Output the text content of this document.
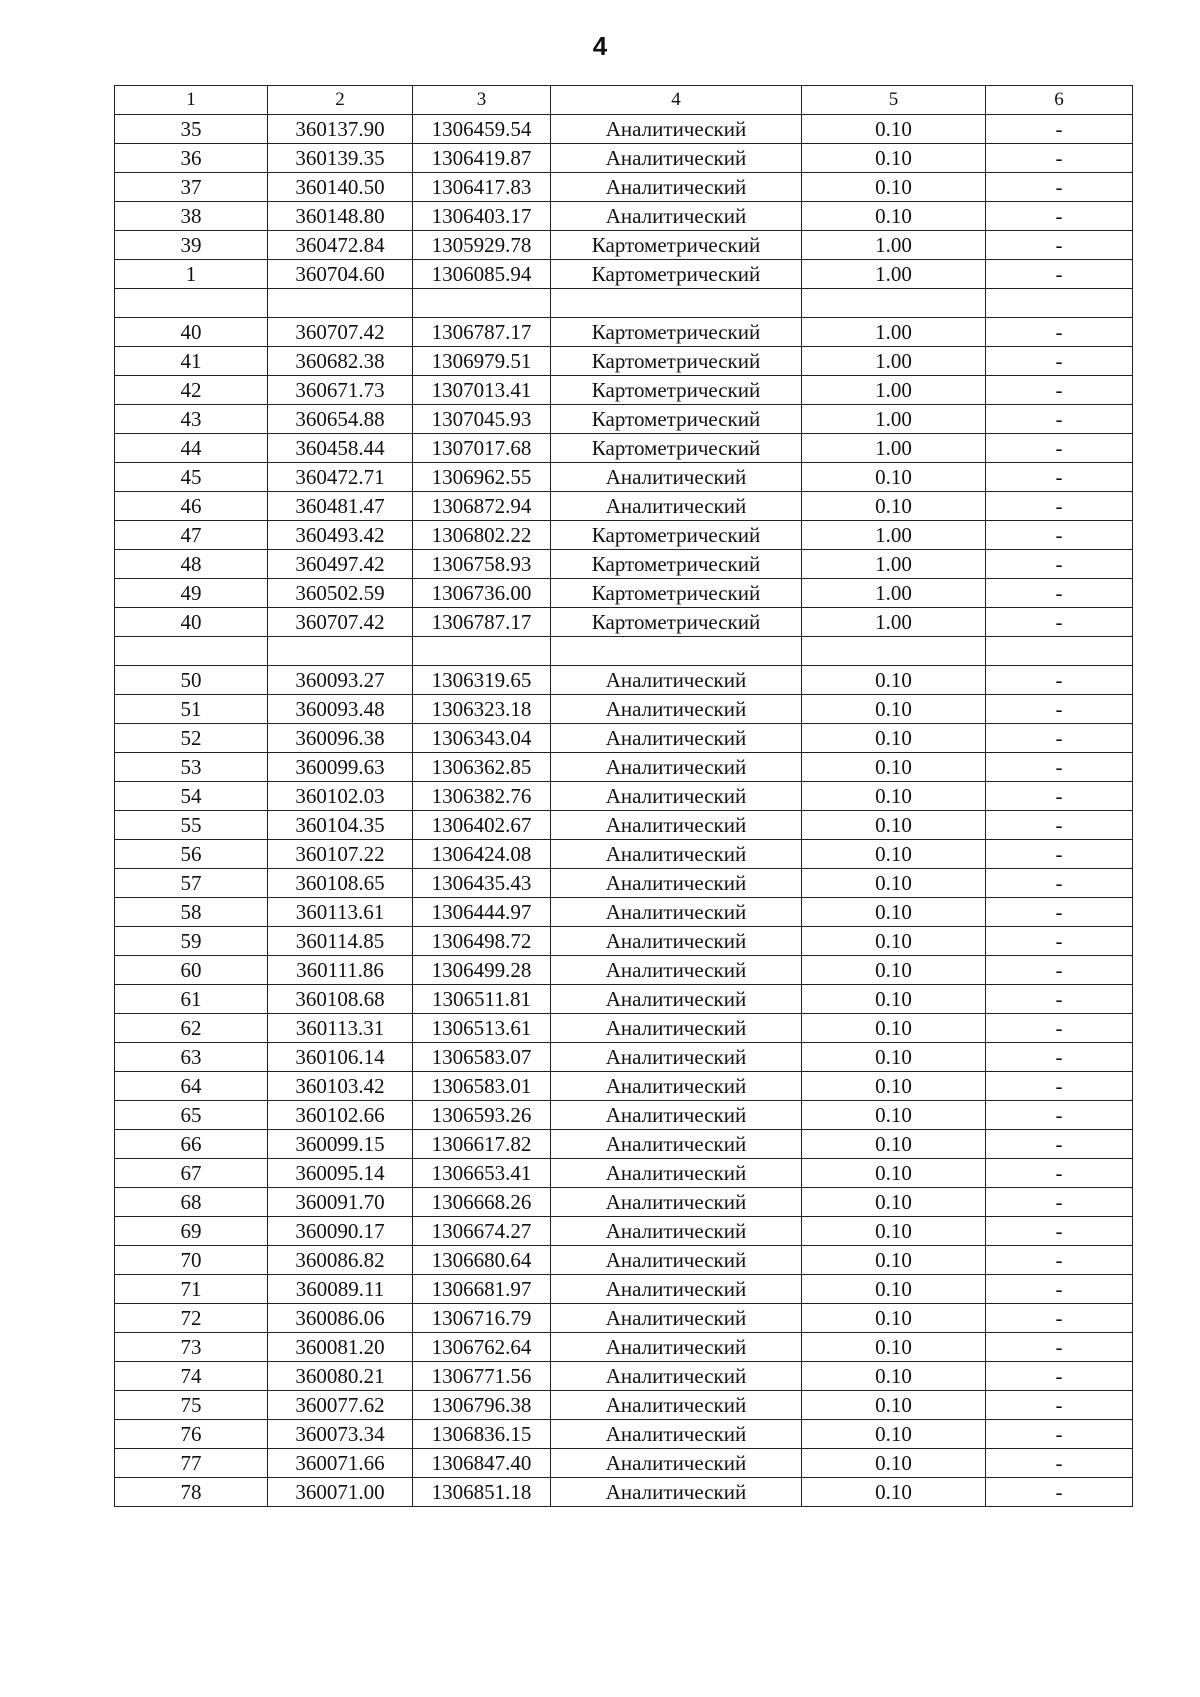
4
1	2	3	4	5	6
35	360137.90	1306459.54	Аналитический	0.10	-
36	360139.35	1306419.87	Аналитический	0.10	-
37	360140.50	1306417.83	Аналитический	0.10	-
38	360148.80	1306403.17	Аналитический	0.10	-
39	360472.84	1305929.78	Картометрический	1.00	-
1	360704.60	1306085.94	Картометрический	1.00	-

40	360707.42	1306787.17	Картометрический	1.00	-
41	360682.38	1306979.51	Картометрический	1.00	-
42	360671.73	1307013.41	Картометрический	1.00	-
43	360654.88	1307045.93	Картометрический	1.00	-
44	360458.44	1307017.68	Картометрический	1.00	-
45	360472.71	1306962.55	Аналитический	0.10	-
46	360481.47	1306872.94	Аналитический	0.10	-
47	360493.42	1306802.22	Картометрический	1.00	-
48	360497.42	1306758.93	Картометрический	1.00	-
49	360502.59	1306736.00	Картометрический	1.00	-
40	360707.42	1306787.17	Картометрический	1.00	-

50	360093.27	1306319.65	Аналитический	0.10	-
51	360093.48	1306323.18	Аналитический	0.10	-
52	360096.38	1306343.04	Аналитический	0.10	-
53	360099.63	1306362.85	Аналитический	0.10	-
54	360102.03	1306382.76	Аналитический	0.10	-
55	360104.35	1306402.67	Аналитический	0.10	-
56	360107.22	1306424.08	Аналитический	0.10	-
57	360108.65	1306435.43	Аналитический	0.10	-
58	360113.61	1306444.97	Аналитический	0.10	-
59	360114.85	1306498.72	Аналитический	0.10	-
60	360111.86	1306499.28	Аналитический	0.10	-
61	360108.68	1306511.81	Аналитический	0.10	-
62	360113.31	1306513.61	Аналитический	0.10	-
63	360106.14	1306583.07	Аналитический	0.10	-
64	360103.42	1306583.01	Аналитический	0.10	-
65	360102.66	1306593.26	Аналитический	0.10	-
66	360099.15	1306617.82	Аналитический	0.10	-
67	360095.14	1306653.41	Аналитический	0.10	-
68	360091.70	1306668.26	Аналитический	0.10	-
69	360090.17	1306674.27	Аналитический	0.10	-
70	360086.82	1306680.64	Аналитический	0.10	-
71	360089.11	1306681.97	Аналитический	0.10	-
72	360086.06	1306716.79	Аналитический	0.10	-
73	360081.20	1306762.64	Аналитический	0.10	-
74	360080.21	1306771.56	Аналитический	0.10	-
75	360077.62	1306796.38	Аналитический	0.10	-
76	360073.34	1306836.15	Аналитический	0.10	-
77	360071.66	1306847.40	Аналитический	0.10	-
78	360071.00	1306851.18	Аналитический	0.10	-
